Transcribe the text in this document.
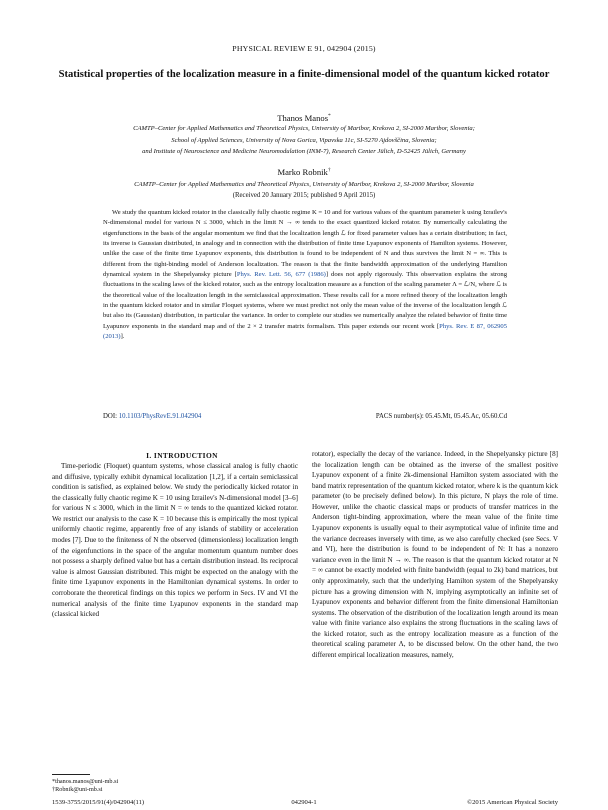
PHYSICAL REVIEW E 91, 042904 (2015)
Statistical properties of the localization measure in a finite-dimensional model of the quantum kicked rotator
Thanos Manos*
CAMTP–Center for Applied Mathematics and Theoretical Physics, University of Maribor, Krekova 2, SI-2000 Maribor, Slovenia;
School of Applied Sciences, University of Nova Gorica, Vipavska 11c, SI-5270 Ajdovščina, Slovenia;
and Institute of Neuroscience and Medicine Neuromodulation (INM-7), Research Center Jülich, D-52425 Jülich, Germany
Marko Robnik†
CAMTP–Center for Applied Mathematics and Theoretical Physics, University of Maribor, Krekova 2, SI-2000 Maribor, Slovenia
(Received 20 January 2015; published 9 April 2015)

We study the quantum kicked rotator in the classically fully chaotic regime K = 10 and for various values of the quantum parameter k using Izrailev's N-dimensional model for various N ≤ 3000, which in the limit N → ∞ tends to the exact quantized kicked rotator. By numerically calculating the eigenfunctions in the basis of the angular momentum we find that the localization length ℒ for fixed parameter values has a certain distribution; in fact, its inverse is Gaussian distributed, in analogy and in connection with the distribution of finite time Lyapunov exponents of Hamilton systems. However, unlike the case of the finite time Lyapunov exponents, this distribution is found to be independent of N and thus survives the limit N = ∞. This is different from the tight-binding model of Anderson localization. The reason is that the finite bandwidth approximation of the underlying Hamilton dynamical system in the Shepelyansky picture [Phys. Rev. Lett. 56, 677 (1986)] does not apply rigorously. This observation explains the strong fluctuations in the scaling laws of the kicked rotator, such as the entropy localization measure as a function of the scaling parameter Λ = ℒ/N, where ℒ is the theoretical value of the localization length in the semiclassical approximation. These results call for a more refined theory of the localization length in the quantum kicked rotator and in similar Floquet systems, where we must predict not only the mean value of the inverse of the localization length ℒ but also its (Gaussian) distribution, in particular the variance. In order to complete our studies we numerically analyze the related behavior of finite time Lyapunov exponents in the standard map and of the 2 × 2 transfer matrix formalism. This paper extends our recent work [Phys. Rev. E 87, 062905 (2013)].

DOI: 10.1103/PhysRevE.91.042904	PACS number(s): 05.45.Mt, 05.45.Ac, 05.60.Cd
I. INTRODUCTION

Time-periodic (Floquet) quantum systems, whose classical analog is fully chaotic and diffusive, typically exhibit dynamical localization [1,2], if a certain semiclassical condition is satisfied, as explained below. We study the periodically kicked rotator in the classically fully chaotic regime K = 10 using Izrailev's N-dimensional model [3–6] for various N ≤ 3000, which in the limit N = ∞ tends to the quantized kicked rotator. We restrict our analysis to the case K = 10 because this is empirically the most typical uniformly chaotic regime, apparently free of any islands of stability or acceleration modes [7]. Due to the finiteness of N the observed (dimensionless) localization length of the eigenfunctions in the space of the angular momentum quantum number does not possess a sharply defined value but has a certain distribution instead. Its reciprocal value is almost Gaussian distributed. This might be expected on the analogy with the finite time Lyapunov exponents in the Hamiltonian dynamical systems. In order to corroborate the theoretical findings on this topics we perform in Secs. IV and VI the numerical analysis of the finite time Lyapunov exponents in the standard map (classical kicked

rotator), especially the decay of the variance. Indeed, in the Shepelyansky picture [8] the localization length can be obtained as the inverse of the smallest positive Lyapunov exponent of a finite 2k-dimensional Hamilton system associated with the band matrix representation of the quantum kicked rotator, where k is the quantum kick parameter (to be precisely defined below). In this picture, N plays the role of time. However, unlike the chaotic classical maps or products of transfer matrices in the Anderson tight-binding approximation, where the mean value of the finite time Lyapunov exponents is usually equal to their asymptotical value of infinite time and the variance decreases inversely with time, as we also carefully checked (see Secs. V and VI), here the distribution is found to be independent of N: It has a nonzero variance even in the limit N → ∞. The reason is that the quantum kicked rotator at N = ∞ cannot be exactly modeled with finite bandwidth (equal to 2k) band matrices, but only approximately, such that the underlying Hamilton system of the Shepelyansky picture has a growing dimension with N, implying asymptotically an infinite set of Lyapunov exponents and behavior different from the finite dimensional Hamiltonian systems. The observation of the distribution of the localization length around its mean value with finite variance also explains the strong fluctuations in the scaling laws of the kicked rotator, such as the entropy localization measure as a function of the theoretical scaling parameter Λ, to be discussed below. On the other hand, the two different empirical localization measures, namely,

*thanos.manos@uni-mb.si
†Robnik@uni-mb.si
1539-3755/2015/91(4)/042904(11)	042904-1	©2015 American Physical Society
